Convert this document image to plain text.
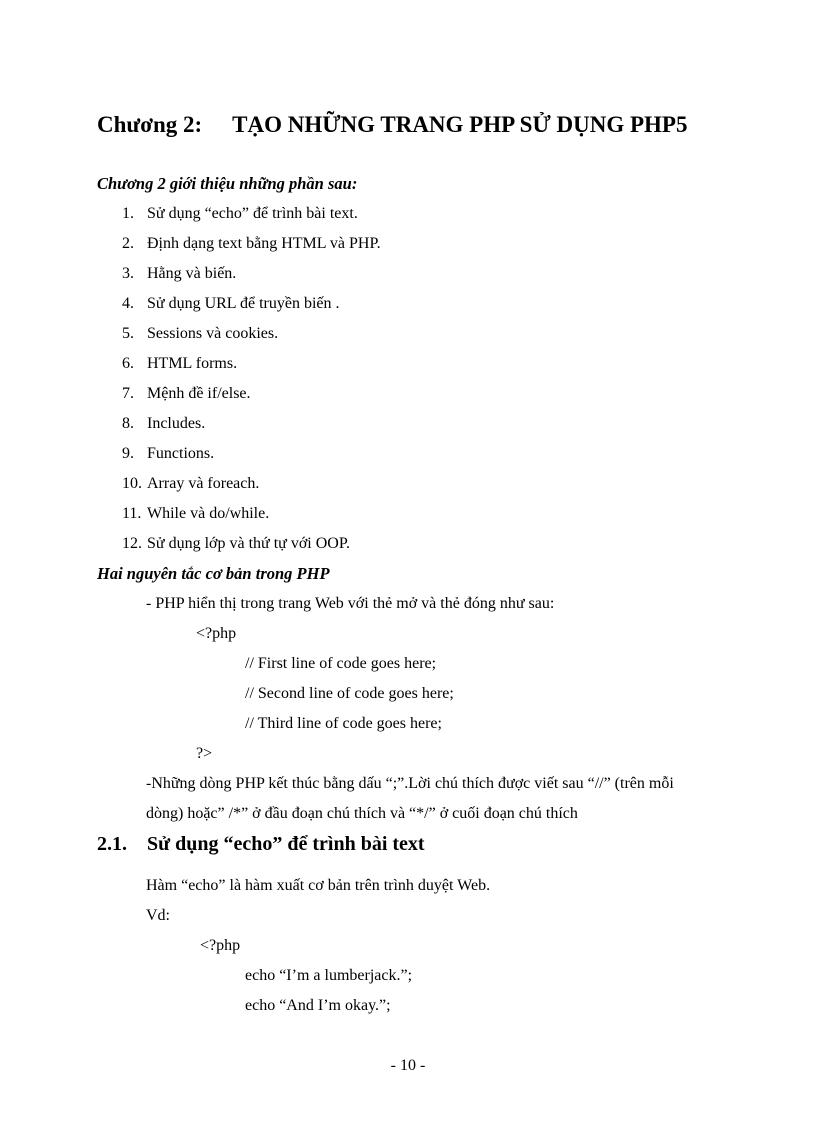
Chương 2: TẠO NHỮNG TRANG PHP SỬ DỤNG PHP5
Chương 2 giới thiệu những phần sau:
1. Sử dụng “echo” để trình bài text.
2. Định dạng text bằng HTML và PHP.
3. Hằng và biến.
4. Sử dụng URL để truyền biến .
5. Sessions và cookies.
6. HTML forms.
7. Mệnh đề if/else.
8. Includes.
9. Functions.
10. Array và foreach.
11. While và do/while.
12. Sử dụng lớp và thứ tự với OOP.
Hai nguyên tắc cơ bản trong PHP
- PHP hiển thị trong trang Web với thẻ mở và thẻ đóng như sau:
<?php
// First line of code goes here;
// Second line of code goes here;
// Third line of code goes here;
?>
-Những dòng PHP kết thúc bằng dấu “;”.Lời chú thích được viết sau “//” (trên mỗi
dòng) hoặc” /*” ở đầu đoạn chú thích và “*/” ở cuối đoạn chú thích
2.1. Sử dụng “echo” để trình bài text
Hàm “echo” là hàm xuất cơ bản trên trình duyệt Web.
Vd:
<?php
echo “I’m a lumberjack.”;
echo “And I’m okay.”;
- 10 -
